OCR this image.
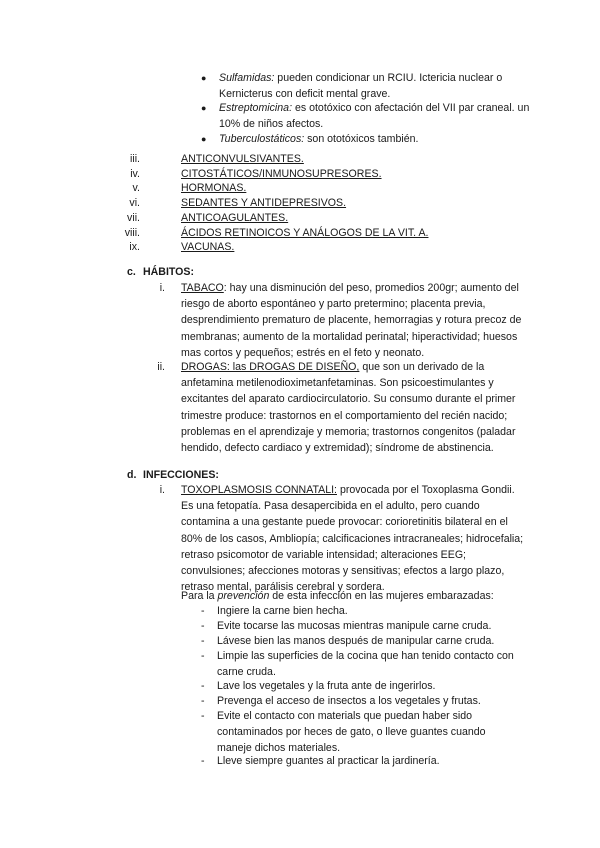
● Sulfamidas: pueden condicionar un RCIU. Ictericia nuclear o Kernicterus con deficit mental grave.
● Estreptomicina: es ototóxico con afectación del VII par craneal. un 10% de niños afectos.
● Tuberculostáticos: son ototóxicos también.
iii.	ANTICONVULSIVANTES.
iv.	CITOSTÁTICOS/INMUNOSUPRESORES.
v.	HORMONAS.
vi.	SEDANTES Y ANTIDEPRESIVOS.
vii.	ANTICOAGULANTES.
viii.	ÁCIDOS RETINOICOS Y ANÁLOGOS DE LA VIT. A.
ix.	VACUNAS.
c. HÁBITOS:
i. TABACO: hay una disminución del peso, promedios 200gr; aumento del riesgo de aborto espontáneo y parto pretermino; placenta previa, desprendimiento prematuro de placente, hemorragias y rotura precoz de membranas; aumento de la mortalidad perinatal; hiperactividad; huesos mas cortos y pequeños; estrés en el feto y neonato.
ii. DROGAS: las DROGAS DE DISEÑO, que son un derivado de la anfetamina metilenodioximetanfetaminas. Son psicoestimulantes y excitantes del aparato cardiocirculatorio. Su consumo durante el primer trimestre produce: trastornos en el comportamiento del recién nacido; problemas en el aprendizaje y memoria; trastornos congenitos (paladar hendido, defecto cardiaco y extremidad); síndrome de abstinencia.
d. INFECCIONES:
i. TOXOPLASMOSIS CONNATALI: provocada por el Toxoplasma Gondii. Es una fetopatía. Pasa desapercibida en el adulto, pero cuando contamina a una gestante puede provocar: corioretinitis bilateral en el 80% de los casos, Ambliopía; calcificaciones intracraneales; hidrocefalia; retraso psicomotor de variable intensidad; alteraciones EEG; convulsiones; afecciones motoras y sensitivas; efectos a largo plazo, retraso mental, parálisis cerebral y sordera.
Para la prevención de esta infección en las mujeres embarazadas:
- Ingiere la carne bien hecha.
- Evite tocarse las mucosas mientras manipule carne cruda.
- Lávese bien las manos después de manipular carne cruda.
- Limpie las superficies de la cocina que han tenido contacto con carne cruda.
- Lave los vegetales y la fruta ante de ingerirlos.
- Prevenga el acceso de insectos a los vegetales y frutas.
- Evite el contacto con materials que puedan haber sido contaminados por heces de gato, o lleve guantes cuando maneje dichos materiales.
- Lleve siempre guantes al practicar la jardinería.
